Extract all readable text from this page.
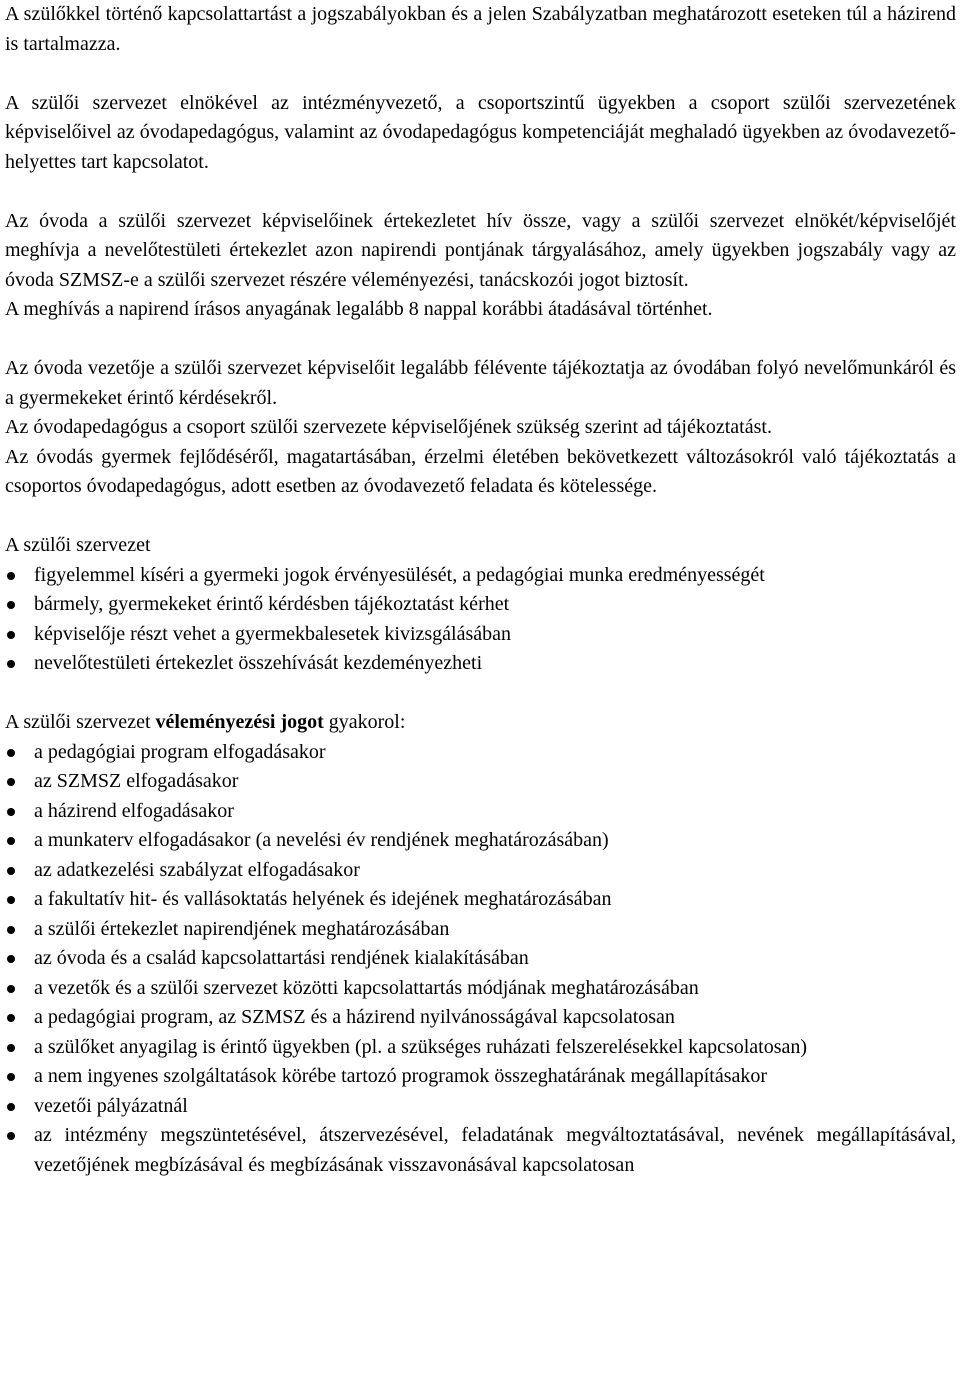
A szülőkkel történő kapcsolattartást a jogszabályokban és a jelen Szabályzatban meghatározott eseteken túl a házirend is tartalmazza.

A szülői szervezet elnökével az intézményvezető, a csoportszintű ügyekben a csoport szülői szervezetének képviselőivel az óvodapedagógus, valamint az óvodapedagógus kompetenciáját meghaladó ügyekben az óvodavezető-helyettes tart kapcsolatot.

Az óvoda a szülői szervezet képviselőinek értekezletet hív össze, vagy a szülői szervezet elnökét/képviselőjét meghívja a nevelőtestületi értekezlet azon napirendi pontjának tárgyalásához, amely ügyekben jogszabály vagy az óvoda SZMSZ-e a szülői szervezet részére véleményezési, tanácskozói jogot biztosít.

A meghívás a napirend írásos anyagának legalább 8 nappal korábbi átadásával történhet.

Az óvoda vezetője a szülői szervezet képviselőit legalább félévente tájékoztatja az óvodában folyó nevelőmunkáról és a gyermekeket érintő kérdésekről.

Az óvodapedagógus a csoport szülői szervezete képviselőjének szükség szerint ad tájékoztatást.

Az óvodás gyermek fejlődéséről, magatartásában, érzelmi életében bekövetkezett változásokról való tájékoztatás a csoportos óvodapedagógus, adott esetben az óvodavezető feladata és kötelessége.

A szülői szervezet

figyelemmel kíséri a gyermeki jogok érvényesülését, a pedagógiai munka eredményességét
bármely, gyermekeket érintő kérdésben tájékoztatást kérhet
képviselője részt vehet a gyermekbalesetek kivizsgálásában
nevelőtestületi értekezlet összehívását kezdeményezheti

A szülői szervezet véleményezési jogot gyakorol:

a pedagógiai program elfogadásakor
az SZMSZ elfogadásakor
a házirend elfogadásakor
a munkaterv elfogadásakor (a nevelési év rendjének meghatározásában)
az adatkezelési szabályzat elfogadásakor
a fakultatív hit- és vallásoktatás helyének és idejének meghatározásában
a szülői értekezlet napirendjének meghatározásában
az óvoda és a család kapcsolattartási rendjének kialakításában
a vezetők és a szülői szervezet közötti kapcsolattartás módjának meghatározásában
a pedagógiai program, az SZMSZ és a házirend nyilvánosságával kapcsolatosan
a szülőket anyagilag is érintő ügyekben (pl. a szükséges ruházati felszerelésekkel kapcsolatosan)
a nem ingyenes szolgáltatások körébe tartozó programok összeghatárának megállapításakor
vezetői pályázatnál
az intézmény megszüntetésével, átszervezésével, feladatának megváltoztatásával, nevének megállapításával, vezetőjének megbízásával és megbízásának visszavonásával kapcsolatosan
